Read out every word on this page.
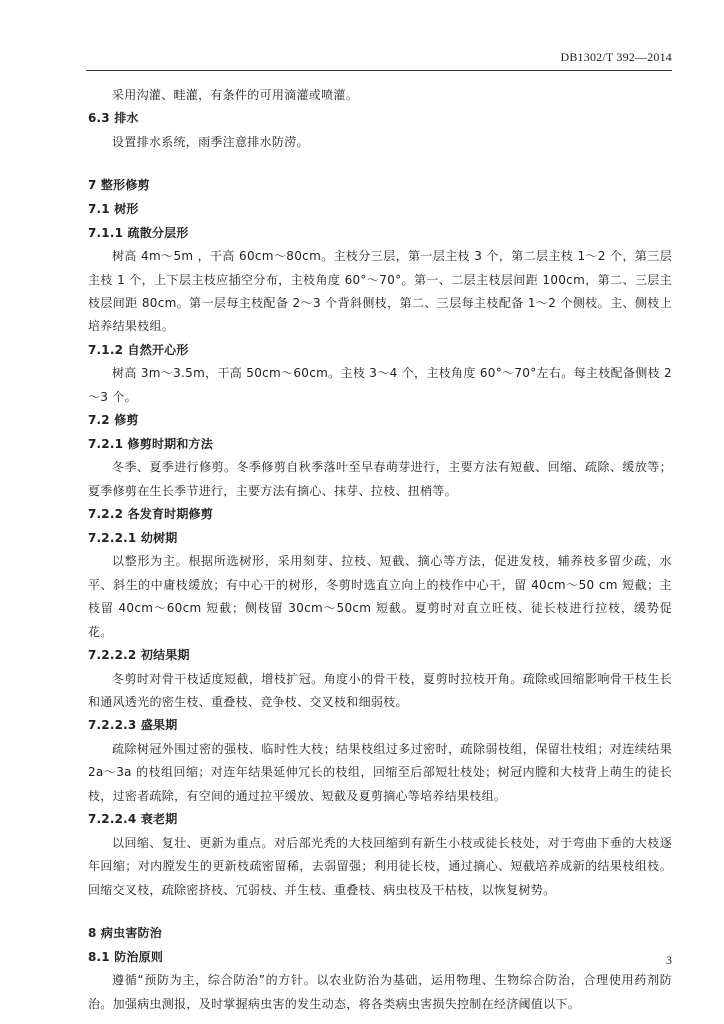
DB1302/T 392—2014

采用沟灌、畦灌，有条件的可用滴灌或喷灌。

6.3 排水

设置排水系统，雨季注意排水防涝。

7 整形修剪

7.1 树形

7.1.1 疏散分层形

树高 4m～5m ，干高 60cm～80cm。主枝分三层，第一层主枝 3 个，第二层主枝 1～2 个，第三层主枝 1 个，上下层主枝应插空分布，主枝角度 60°～70°。第一、二层主枝层间距 100cm，第二、三层主枝层间距 80cm。第一层每主枝配备 2～3 个背斜侧枝，第二、三层每主枝配备 1～2 个侧枝。主、侧枝上培养结果枝组。

7.1.2 自然开心形

树高 3m～3.5m，干高 50cm～60cm。主枝 3～4 个，主枝角度 60°～70°左右。每主枝配备侧枝 2～3 个。

7.2 修剪

7.2.1 修剪时期和方法

冬季、夏季进行修剪。冬季修剪自秋季落叶至早春萌芽进行，主要方法有短截、回缩、疏除、缓放等；夏季修剪在生长季节进行，主要方法有摘心、抹芽、拉枝、扭梢等。

7.2.2 各发育时期修剪

7.2.2.1 幼树期

以整形为主。根据所选树形，采用刻芽、拉枝、短截、摘心等方法，促进发枝，辅养枝多留少疏，水平、斜生的中庸枝缓放；有中心干的树形，冬剪时选直立向上的枝作中心干，留 40cm～50 cm 短截；主枝留 40cm～60cm 短截；侧枝留 30cm～50cm 短截。夏剪时对直立旺枝、徒长枝进行拉枝，缓势促花。

7.2.2.2 初结果期

冬剪时对骨干枝适度短截，增枝扩冠。角度小的骨干枝，夏剪时拉枝开角。疏除或回缩影响骨干枝生长和通风透光的密生枝、重叠枝、竞争枝、交叉枝和细弱枝。

7.2.2.3 盛果期

疏除树冠外围过密的强枝、临时性大枝；结果枝组过多过密时，疏除弱枝组，保留壮枝组；对连续结果 2a～3a 的枝组回缩；对连年结果延伸冗长的枝组，回缩至后部短壮枝处；树冠内膛和大枝背上萌生的徒长枝，过密者疏除，有空间的通过拉平缓放、短截及夏剪摘心等培养结果枝组。

7.2.2.4 衰老期

以回缩、复壮、更新为重点。对后部光秃的大枝回缩到有新生小枝或徒长枝处，对于弯曲下垂的大枝逐年回缩；对内膛发生的更新枝疏密留稀，去弱留强；利用徒长枝，通过摘心、短截培养成新的结果枝组枝。回缩交叉枝，疏除密挤枝、冗弱枝、并生枝、重叠枝、病虫枝及干枯枝，以恢复树势。

8 病虫害防治

8.1 防治原则

遵循“预防为主，综合防治”的方针。以农业防治为基础，运用物理、生物综合防治，合理使用药剂防治。加强病虫测报，及时掌握病虫害的发生动态，将各类病虫害损失控制在经济阈值以下。

3
